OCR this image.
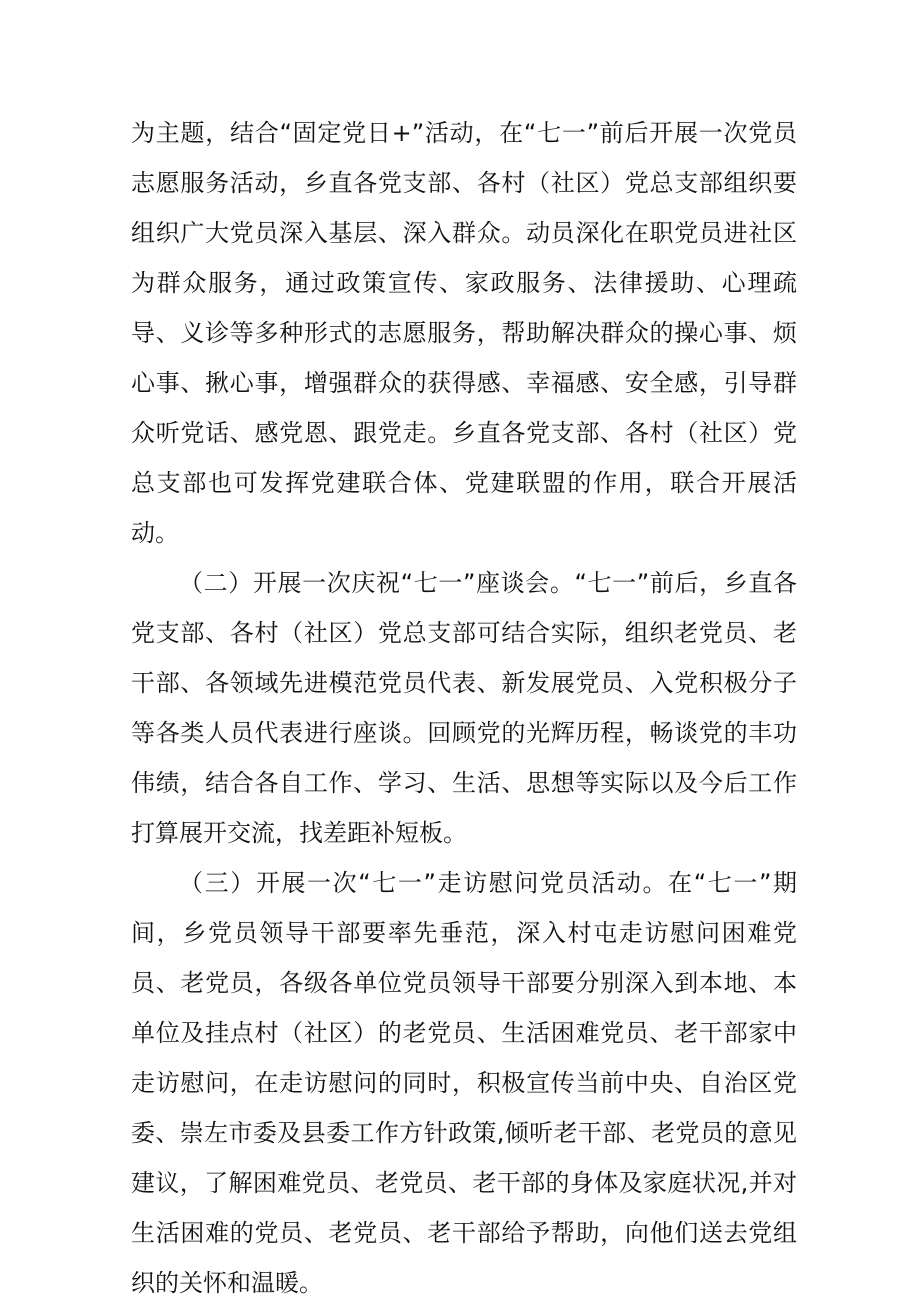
为主题，结合“固定党日+”活动，在“七一”前后开展一次党员志愿服务活动，乡直各党支部、各村（社区）党总支部组织要组织广大党员深入基层、深入群众。动员深化在职党员进社区为群众服务，通过政策宣传、家政服务、法律援助、心理疏导、义诊等多种形式的志愿服务，帮助解决群众的操心事、烦心事、揪心事，增强群众的获得感、幸福感、安全感，引导群众听党话、感党恩、跟党走。乡直各党支部、各村（社区）党总支部也可发挥党建联合体、党建联盟的作用，联合开展活动。

（二）开展一次庆祝“七一”座谈会。“七一”前后，乡直各党支部、各村（社区）党总支部可结合实际，组织老党员、老干部、各领域先进模范党员代表、新发展党员、入党积极分子等各类人员代表进行座谈。回顾党的光辉历程，畅谈党的丰功伟绩，结合各自工作、学习、生活、思想等实际以及今后工作打算展开交流，找差距补短板。

（三）开展一次“七一”走访慰问党员活动。在“七一”期间，乡党员领导干部要率先垂范，深入村屯走访慰问困难党员、老党员，各级各单位党员领导干部要分别深入到本地、本单位及挂点村（社区）的老党员、生活困难党员、老干部家中走访慰问，在走访慰问的同时，积极宣传当前中央、自治区党委、崇左市委及县委工作方针政策,倾听老干部、老党员的意见建议，了解困难党员、老党员、老干部的身体及家庭状况,并对生活困难的党员、老党员、老干部给予帮助，向他们送去党组织的关怀和温暖。
